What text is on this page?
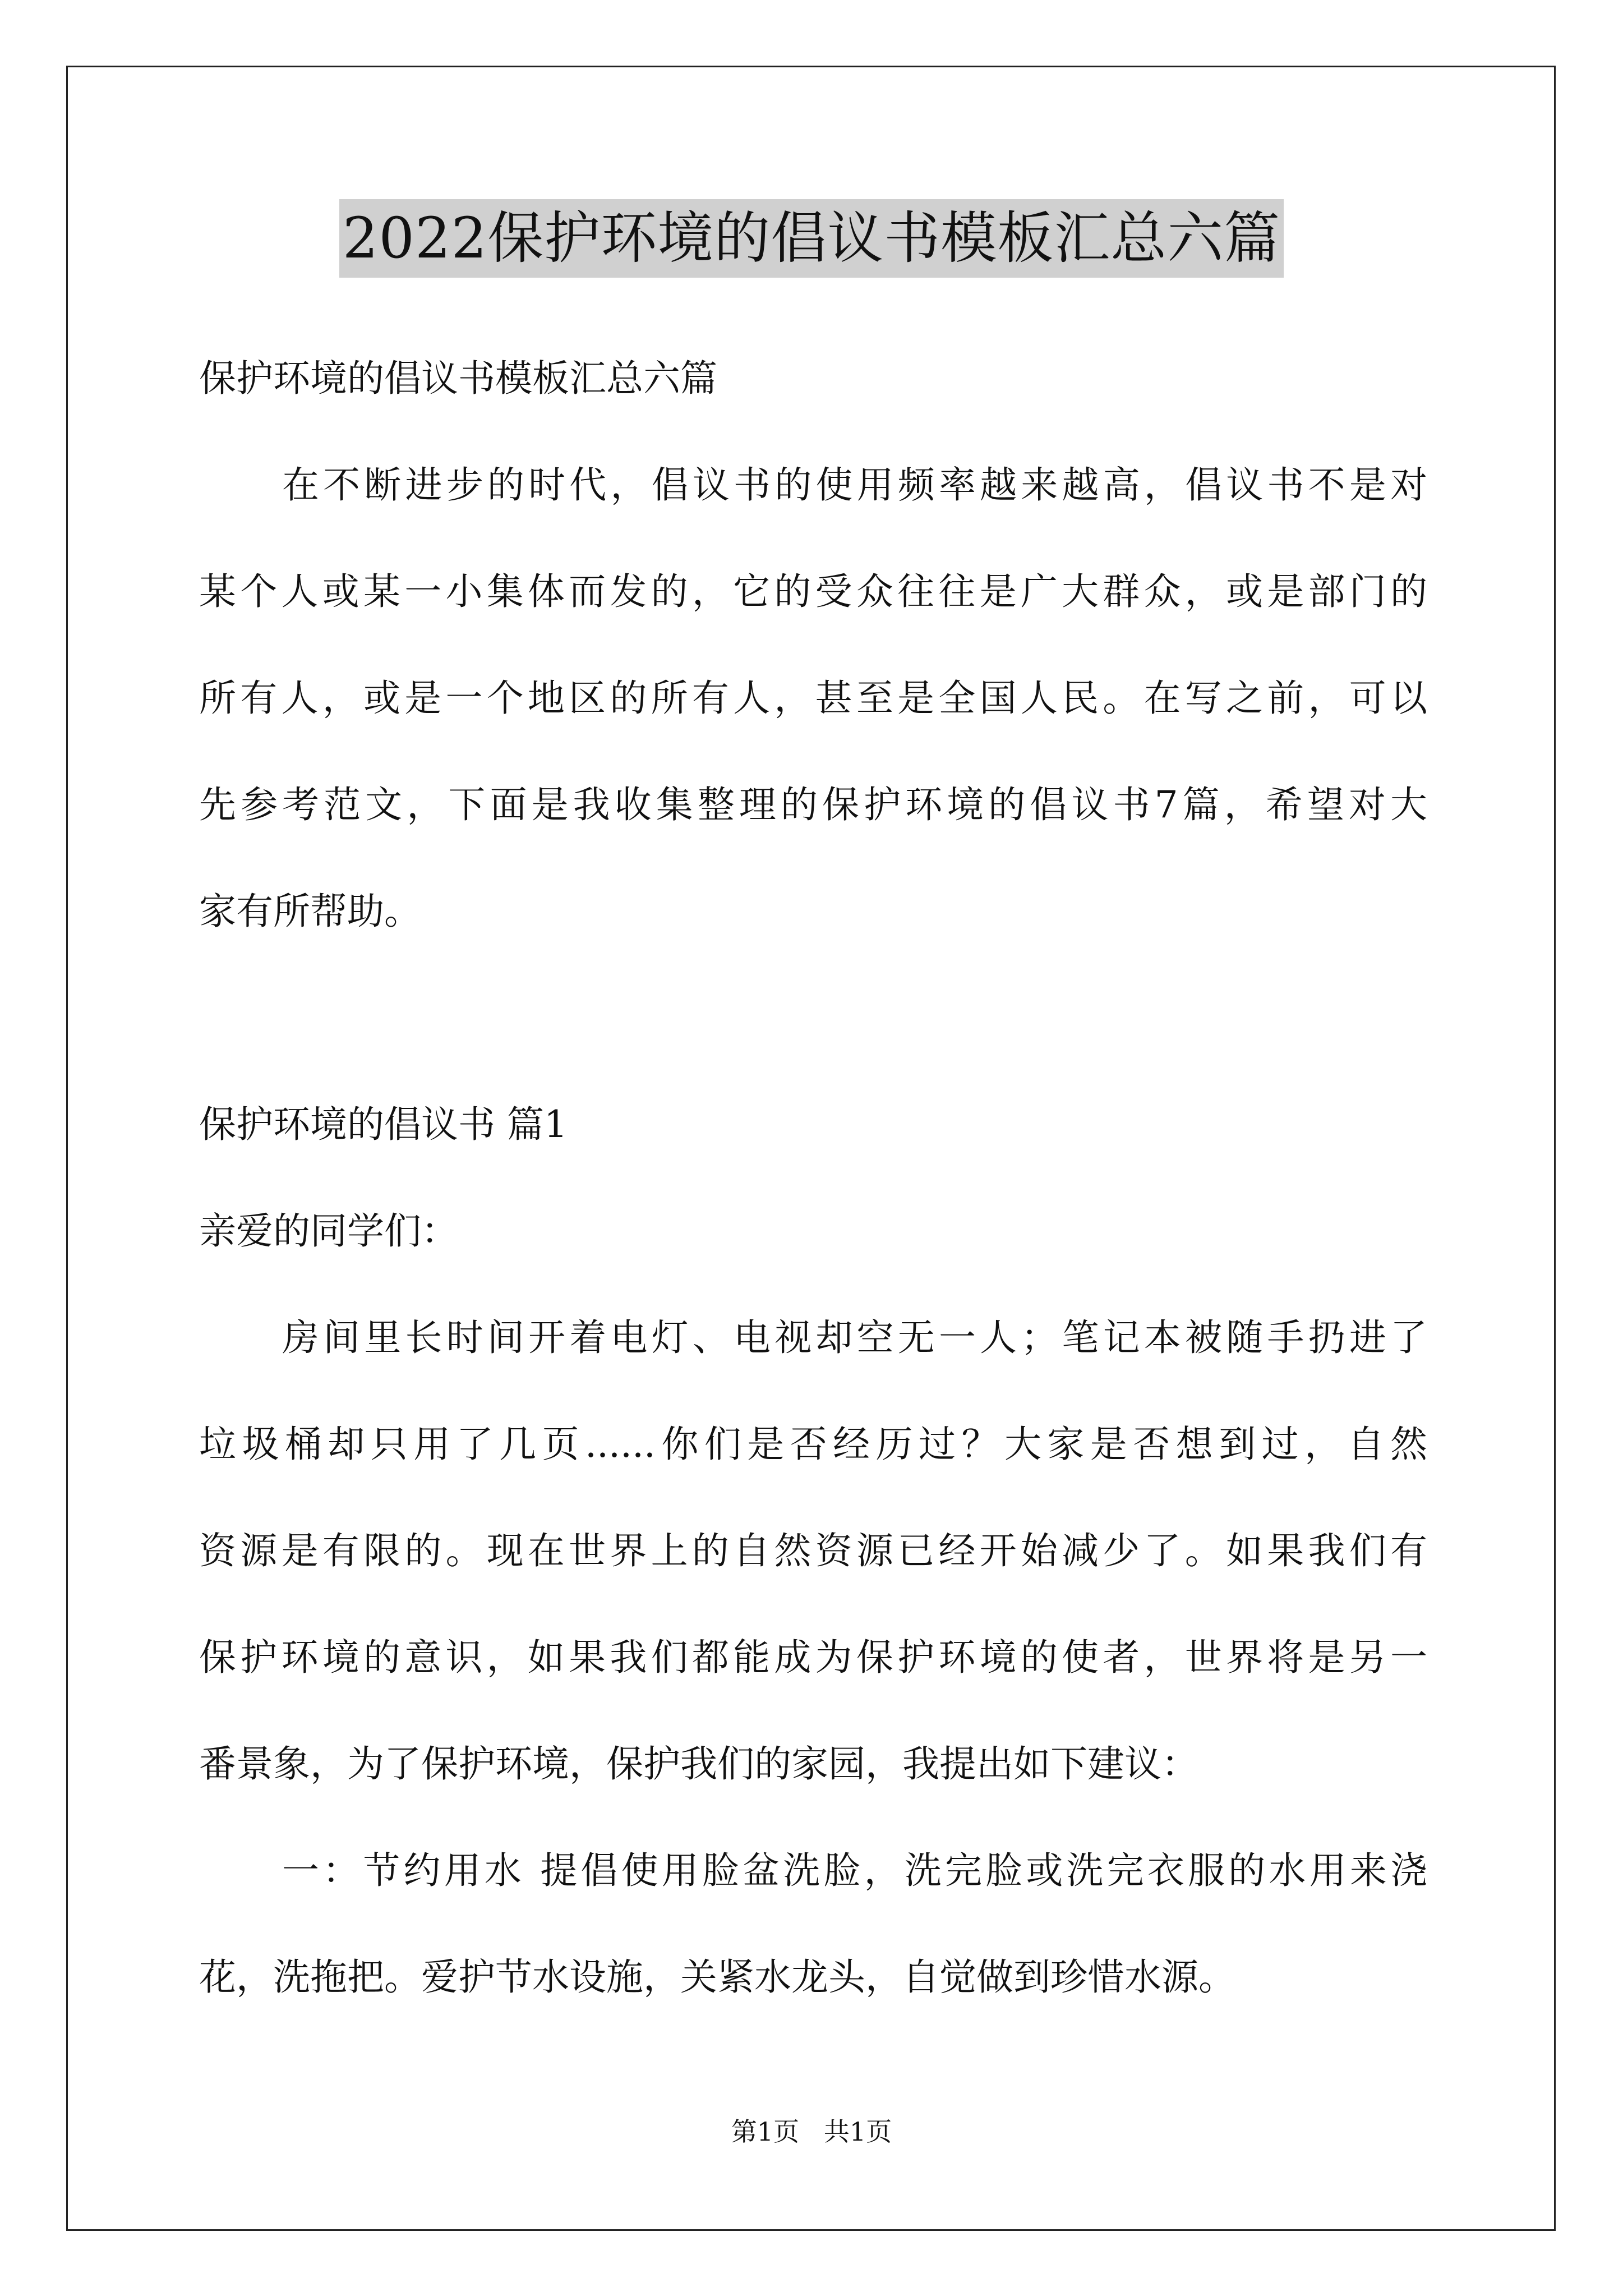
2022保护环境的倡议书模板汇总六篇
保护环境的倡议书模板汇总六篇
在不断进步的时代，倡议书的使用频率越来越高，倡议书不是对
某个人或某一小集体而发的，它的受众往往是广大群众，或是部门的
所有人，或是一个地区的所有人，甚至是全国人民。在写之前，可以
先参考范文，下面是我收集整理的保护环境的倡议书7篇，希望对大
家有所帮助。
保护环境的倡议书 篇1
亲爱的同学们：
房间里长时间开着电灯、电视却空无一人；笔记本被随手扔进了
垃圾桶却只用了几页......你们是否经历过？大家是否想到过，自然
资源是有限的。现在世界上的自然资源已经开始减少了。如果我们有
保护环境的意识，如果我们都能成为保护环境的使者，世界将是另一
番景象，为了保护环境，保护我们的家园，我提出如下建议：
一：节约用水 提倡使用脸盆洗脸，洗完脸或洗完衣服的水用来浇
花，洗拖把。爱护节水设施，关紧水龙头，自觉做到珍惜水源。
第1页   共1页
